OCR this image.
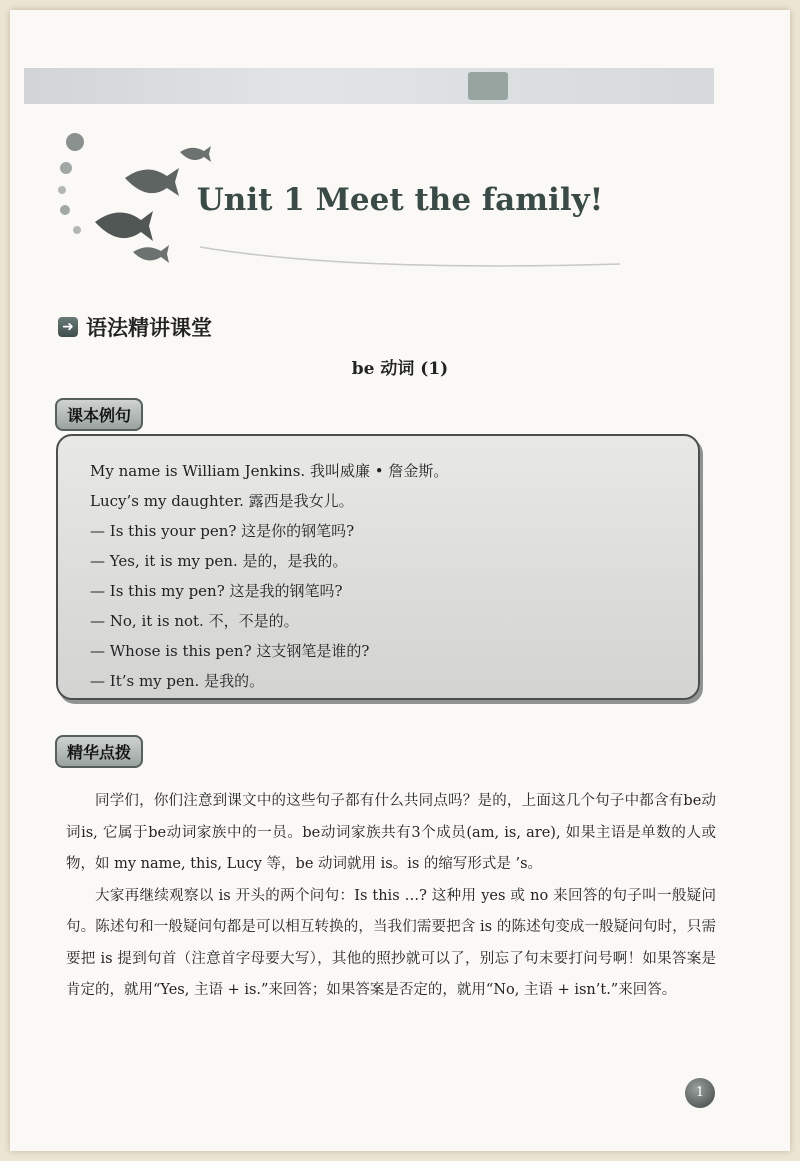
Unit 1 Meet the family!
➜ 语法精讲课堂
be 动词 (1)
课本例句
My name is William Jenkins. 我叫威廉 • 詹金斯。
Lucy’s my daughter. 露西是我女儿。
— Is this your pen? 这是你的钢笔吗?
— Yes, it is my pen. 是的，是我的。
— Is this my pen? 这是我的钢笔吗?
— No, it is not. 不，不是的。
— Whose is this pen? 这支钢笔是谁的?
— It’s my pen. 是我的。
精华点拨

同学们，你们注意到课文中的这些句子都有什么共同点吗？是的，上面这几个句子中都含有be动词is, 它属于be动词家族中的一员。be动词家族共有3个成员(am, is, are), 如果主语是单数的人或物，如 my name, this, Lucy 等，be 动词就用 is。is 的缩写形式是 ’s。

大家再继续观察以 is 开头的两个问句：Is this …? 这种用 yes 或 no 来回答的句子叫一般疑问句。陈述句和一般疑问句都是可以相互转换的，当我们需要把含 is 的陈述句变成一般疑问句时，只需要把 is 提到句首（注意首字母要大写），其他的照抄就可以了，别忘了句末要打问号啊！如果答案是肯定的，就用“Yes, 主语 + is.”来回答；如果答案是否定的，就用“No, 主语 + isn’t.”来回答。

1
